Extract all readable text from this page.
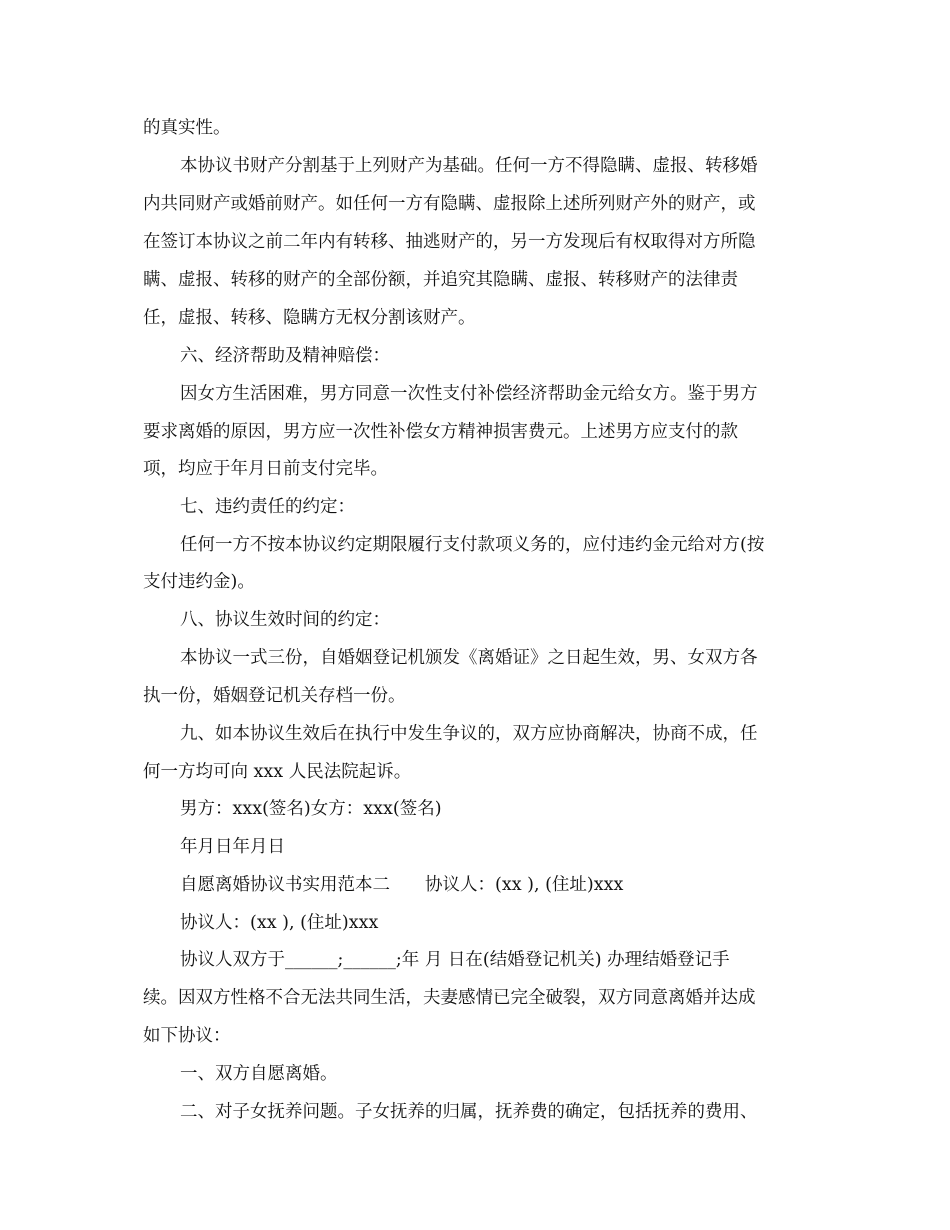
的真实性。
本协议书财产分割基于上列财产为基础。任何一方不得隐瞒、虚报、转移婚
内共同财产或婚前财产。如任何一方有隐瞒、虚报除上述所列财产外的财产，或
在签订本协议之前二年内有转移、抽逃财产的，另一方发现后有权取得对方所隐
瞒、虚报、转移的财产的全部份额，并追究其隐瞒、虚报、转移财产的法律责
任，虚报、转移、隐瞒方无权分割该财产。
六、经济帮助及精神赔偿：
因女方生活困难，男方同意一次性支付补偿经济帮助金元给女方。鉴于男方
要求离婚的原因，男方应一次性补偿女方精神损害费元。上述男方应支付的款
项，均应于年月日前支付完毕。
七、违约责任的约定：
任何一方不按本协议约定期限履行支付款项义务的，应付违约金元给对方(按
支付违约金)。
八、协议生效时间的约定：
本协议一式三份，自婚姻登记机颁发《离婚证》之日起生效，男、女双方各
执一份，婚姻登记机关存档一份。
九、如本协议生效后在执行中发生争议的，双方应协商解决，协商不成，任
何一方均可向 xxx 人民法院起诉。
男方：xxx(签名)女方：xxx(签名)
年月日年月日
自愿离婚协议书实用范本二　　协议人：(xx ), (住址)xxx
协议人：(xx ), (住址)xxx
协议人双方于______;______;年 月 日在(结婚登记机关) 办理结婚登记手
续。因双方性格不合无法共同生活，夫妻感情已完全破裂，双方同意离婚并达成
如下协议：
一、双方自愿离婚。
二、对子女抚养问题。子女抚养的归属，抚养费的确定，包括抚养的费用、
